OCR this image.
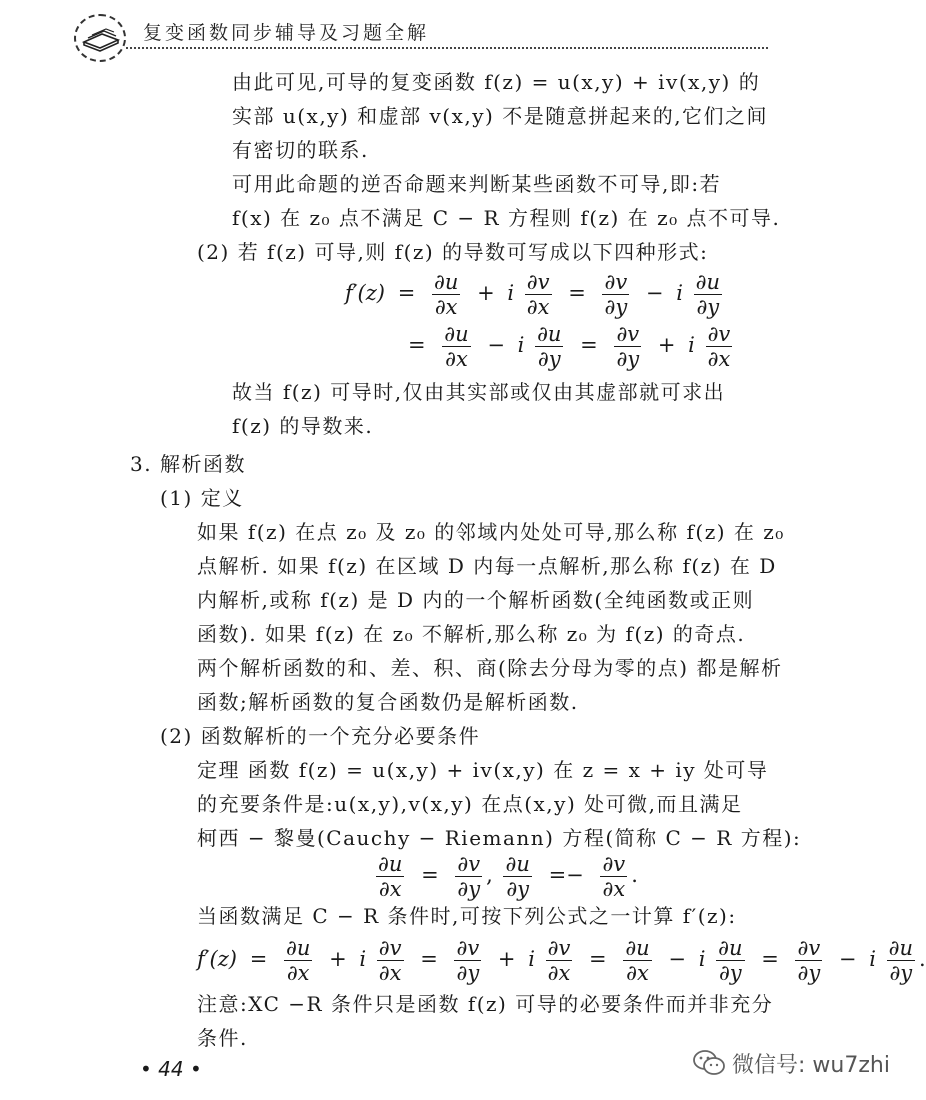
复变函数同步辅导及习题全解
由此可见,可导的复变函数 f(z) = u(x,y) + iv(x,y) 的
实部 u(x,y) 和虚部 v(x,y) 不是随意拼起来的,它们之间
有密切的联系.
可用此命题的逆否命题来判断某些函数不可导,即:若
f(x) 在 z₀ 点不满足 C − R 方程则 f(z) 在 z₀ 点不可导.
(2) 若 f(z) 可导,则 f(z) 的导数可写成以下四种形式:
$f'(z) = \frac{\partial u}{\partial x} + i \frac{\partial v}{\partial x} = \frac{\partial v}{\partial y} - i \frac{\partial u}{\partial y}$
= $\frac{\partial u}{\partial x} - i \frac{\partial u}{\partial y} = \frac{\partial v}{\partial y} + i \frac{\partial v}{\partial x}$
故当 f(z) 可导时,仅由其实部或仅由其虚部就可求出
f(z) 的导数来.
3. 解析函数
(1) 定义
如果 f(z) 在点 z₀ 及 z₀ 的邻域内处处可导,那么称 f(z) 在 z₀
点解析. 如果 f(z) 在区域 D 内每一点解析,那么称 f(z) 在 D
内解析,或称 f(z) 是 D 内的一个解析函数(全纯函数或正则
函数). 如果 f(z) 在 z₀ 不解析,那么称 z₀ 为 f(z) 的奇点.
两个解析函数的和、差、积、商(除去分母为零的点) 都是解析
函数;解析函数的复合函数仍是解析函数.
(2) 函数解析的一个充分必要条件
定理 函数 f(z) = u(x,y) + iv(x,y) 在 z = x + iy 处可导
的充要条件是:u(x,y),v(x,y) 在点(x,y) 处可微,而且满足
柯西 − 黎曼(Cauchy − Riemann) 方程(简称 C − R 方程):
$\frac{\partial u}{\partial x} = \frac{\partial v}{\partial y}$ , $\frac{\partial u}{\partial y} =- \frac{\partial v}{\partial x}$ .
当函数满足 C − R 条件时,可按下列公式之一计算 f′(z):
$f'(z) = \frac{\partial u}{\partial x} + i \frac{\partial v}{\partial x} = \frac{\partial v}{\partial y} + i \frac{\partial v}{\partial x} = \frac{\partial u}{\partial x} - i \frac{\partial u}{\partial y} = \frac{\partial v}{\partial y} - i \frac{\partial u}{\partial y}$ .
注意:XC −R 条件只是函数 f(z) 可导的必要条件而并非充分
条件.
• 44 •	微信号: wu7zhi
